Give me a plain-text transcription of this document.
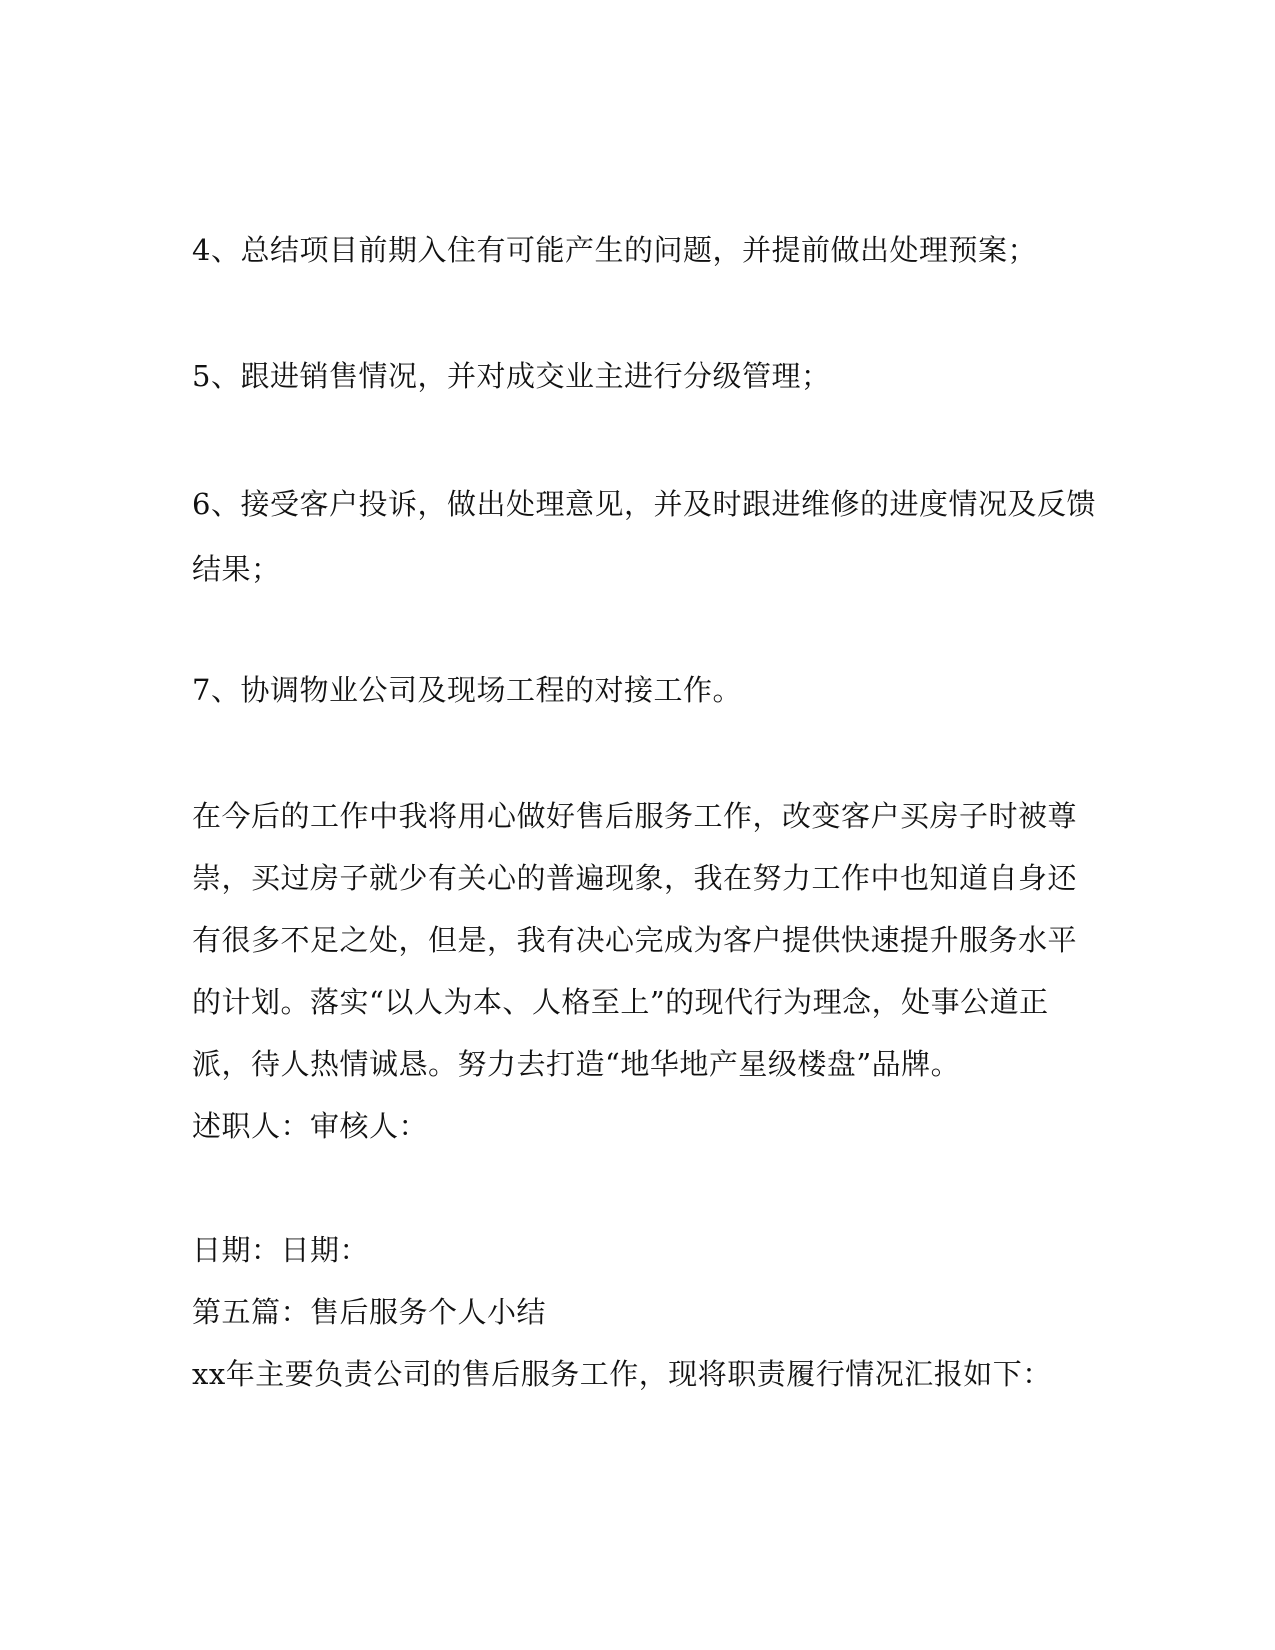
4、总结项目前期入住有可能产生的问题，并提前做出处理预案；
5、跟进销售情况，并对成交业主进行分级管理；
6、接受客户投诉，做出处理意见，并及时跟进维修的进度情况及反馈
结果；
7、协调物业公司及现场工程的对接工作。
在今后的工作中我将用心做好售后服务工作，改变客户买房子时被尊
崇，买过房子就少有关心的普遍现象，我在努力工作中也知道自身还
有很多不足之处，但是，我有决心完成为客户提供快速提升服务水平
的计划。落实“以人为本、人格至上”的现代行为理念，处事公道正
派，待人热情诚恳。努力去打造“地华地产星级楼盘”品牌。
述职人：审核人：
日期：日期：
第五篇：售后服务个人小结
xx年主要负责公司的售后服务工作，现将职责履行情况汇报如下：
